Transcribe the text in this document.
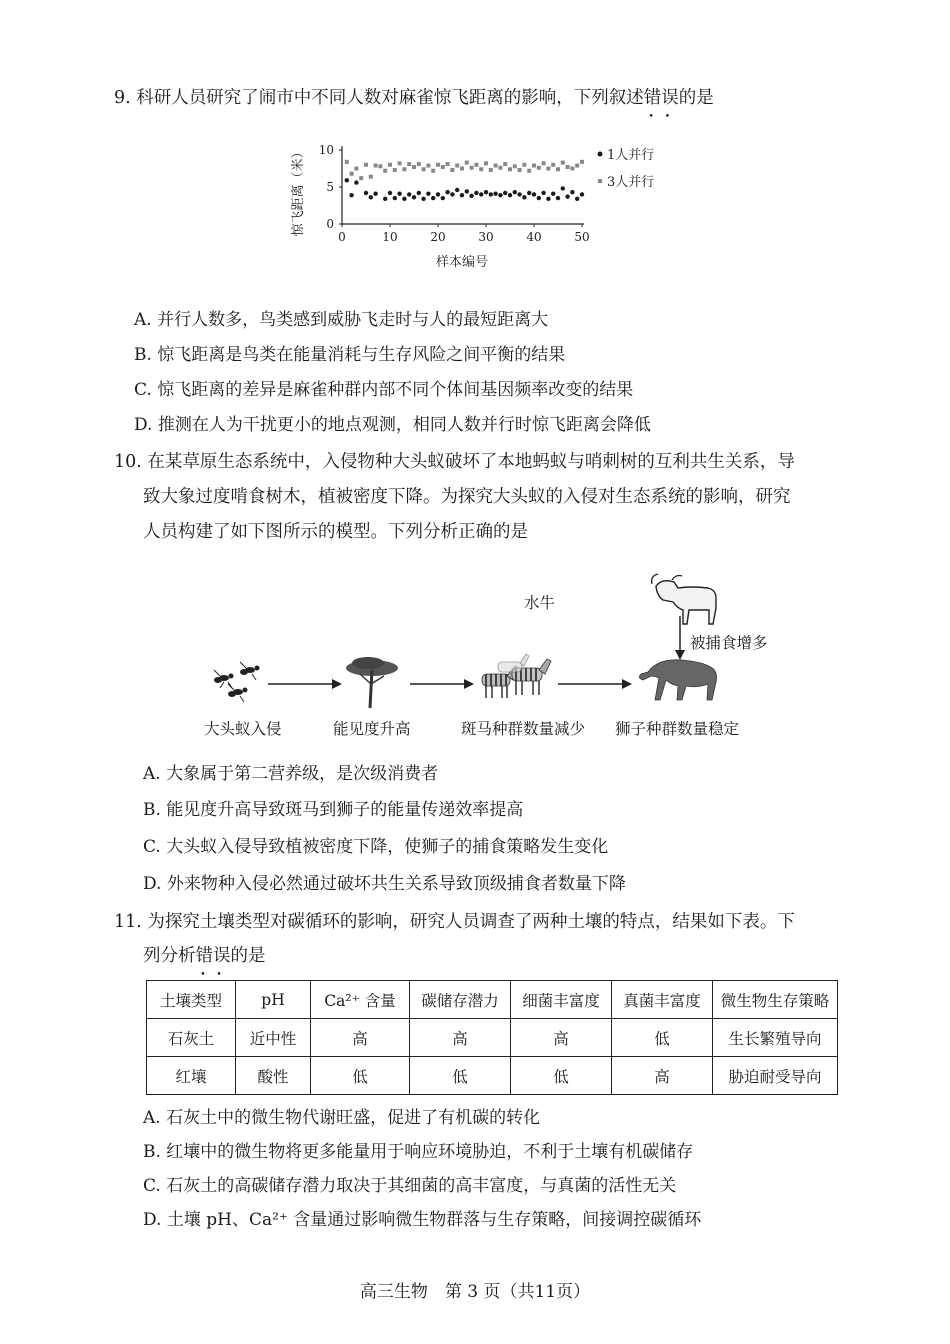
9. 科研人员研究了闹市中不同人数对麻雀惊飞距离的影响，下列叙述错误 • •的是
0	10	20	30	40	50
0
5
10
样本编号
惊飞距离（米）	1人并行
3人并行
A. 并行人数多，鸟类感到威胁飞走时与人的最短距离大
B. 惊飞距离是鸟类在能量消耗与生存风险之间平衡的结果
C. 惊飞距离的差异是麻雀种群内部不同个体间基因频率改变的结果
D. 推测在人为干扰更小的地点观测，相同人数并行时惊飞距离会降低
10. 在某草原生态系统中，入侵物种大头蚁破坏了本地蚂蚁与哨刺树的互利共生关系，导
致大象过度啃食树木，植被密度下降。为探究大头蚁的入侵对生态系统的影响，研究
人员构建了如下图所示的模型。下列分析正确的是
水牛
被捕食增多
大头蚁入侵	能见度升高	斑马种群数量减少 狮子种群数量稳定
A. 大象属于第二营养级，是次级消费者
B. 能见度升高导致斑马到狮子的能量传递效率提高
C. 大头蚁入侵导致植被密度下降，使狮子的捕食策略发生变化
D. 外来物种入侵必然通过破坏共生关系导致顶级捕食者数量下降
11. 为探究土壤类型对碳循环的影响，研究人员调查了两种土壤的特点，结果如下表。下
列分析错误 • •的是
土壤类型	pH	Ca²⁺ 含量	碳储存潜力	细菌丰富度	真菌丰富度	微生物生存策略
石灰土	近中性	高	高	高	低	生长繁殖导向
红壤	酸性	低	低	低	高	胁迫耐受导向
A. 石灰土中的微生物代谢旺盛，促进了有机碳的转化
B. 红壤中的微生物将更多能量用于响应环境胁迫，不利于土壤有机碳储存
C. 石灰土的高碳储存潜力取决于其细菌的高丰富度，与真菌的活性无关
D. 土壤 pH、Ca²⁺ 含量通过影响微生物群落与生存策略，间接调控碳循环
高三生物　第 3 页（共11页）
